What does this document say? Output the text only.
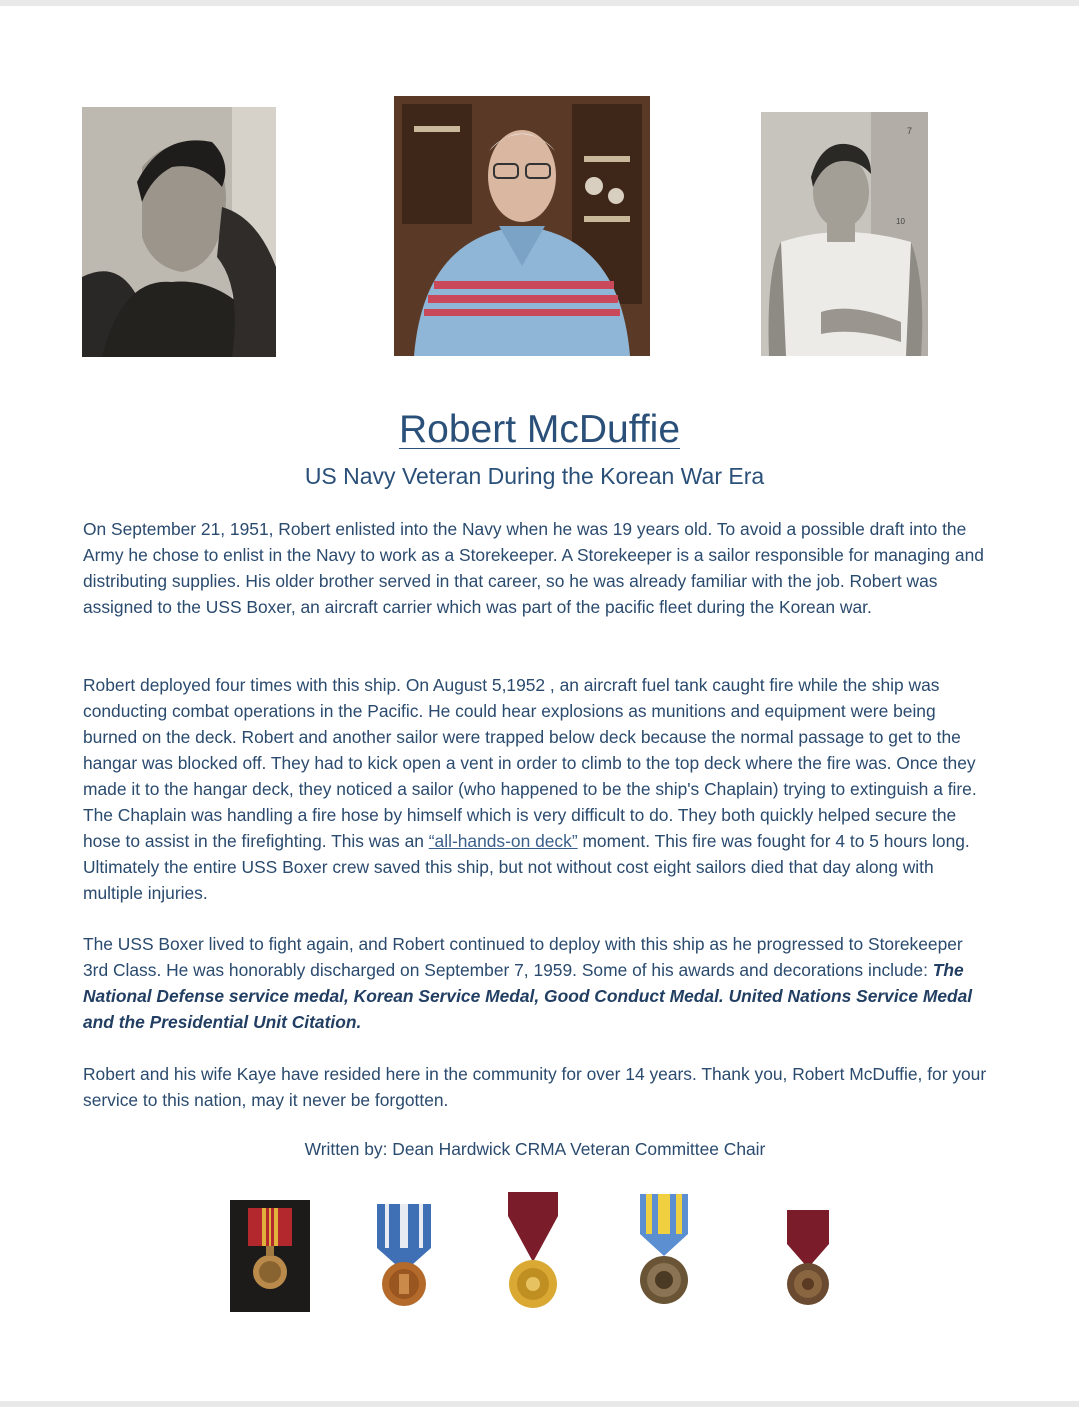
7
10
Robert McDuffie
US Navy Veteran During the Korean War Era

On September 21, 1951, Robert enlisted into the Navy when he was 19 years old. To avoid a possible draft into the Army he chose to enlist in the Navy to work as a Storekeeper. A Storekeeper is a sailor responsible for managing and distributing supplies. His older brother served in that career, so he was already familiar with the job. Robert was assigned to the USS Boxer, an aircraft carrier which was part of the pacific fleet during the Korean war.

Robert deployed four times with this ship. On August 5,1952 , an aircraft fuel tank caught fire while the ship was conducting combat operations in the Pacific. He could hear explosions as munitions and equipment were being burned on the deck. Robert and another sailor were trapped below deck because the normal passage to get to the hangar was blocked off. They had to kick open a vent in order to climb to the top deck where the fire was. Once they made it to the hangar deck, they noticed a sailor (who happened to be the ship's Chaplain) trying to extinguish a fire. The Chaplain was handling a fire hose by himself which is very difficult to do. They both quickly helped secure the hose to assist in the firefighting. This was an “all-hands-on deck” moment. This fire was fought for 4 to 5 hours long. Ultimately the entire USS Boxer crew saved this ship, but not without cost eight sailors died that day along with multiple injuries.

The USS Boxer lived to fight again, and Robert continued to deploy with this ship as he progressed to Storekeeper 3rd Class. He was honorably discharged on September 7, 1959. Some of his awards and decorations include: The National Defense service medal, Korean Service Medal, Good Conduct Medal. United Nations Service Medal and the Presidential Unit Citation.

Robert and his wife Kaye have resided here in the community for over 14 years. Thank you, Robert McDuffie, for your service to this nation, may it never be forgotten.

Written by: Dean Hardwick CRMA Veteran Committee Chair
